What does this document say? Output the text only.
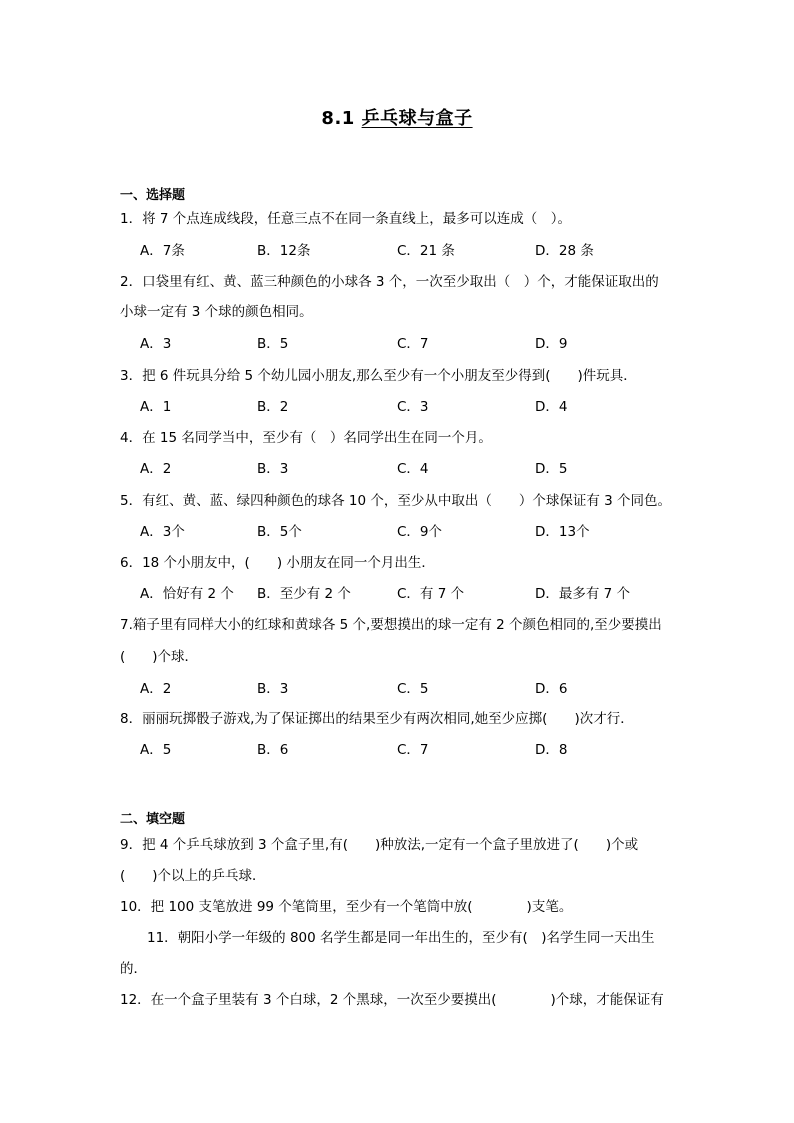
8.1 乒乓球与盒子
一、选择题
1．将 7 个点连成线段，任意三点不在同一条直线上，最多可以连成（　）。
A．7条	B．12条	C．21 条	D．28 条
2．口袋里有红、黄、蓝三种颜色的小球各 3 个，一次至少取出（　）个，才能保证取出的
小球一定有 3 个球的颜色相同。
A．3	B．5	C．7	D．9
3．把 6 件玩具分给 5 个幼儿园小朋友,那么至少有一个小朋友至少得到(　　)件玩具．
A．1	B．2	C．3	D．4
4．在 15 名同学当中，至少有（　）名同学出生在同一个月。
A．2	B．3	C．4	D．5
5．有红、黄、蓝、绿四种颜色的球各 10 个，至少从中取出（　　）个球保证有 3 个同色。
A．3个	B．5个	C．9个	D．13个
6．18 个小朋友中，(　　) 小朋友在同一个月出生．
A．恰好有 2 个 B．至少有 2 个	C．有 7 个	D．最多有 7 个
7.箱子里有同样大小的红球和黄球各 5 个,要想摸出的球一定有 2 个颜色相同的,至少要摸出
(　　)个球．
A．2	B．3	C．5	D．6
8．丽丽玩掷骰子游戏,为了保证掷出的结果至少有两次相同,她至少应掷(　　)次才行．
A．5	B．6	C．7	D．8
二、填空题
9．把 4 个乒乓球放到 3 个盒子里,有(　　)种放法,一定有一个盒子里放进了(　　)个或
(　　)个以上的乒乓球．
10．把 100 支笔放进 99 个笔筒里，至少有一个笔筒中放(　　　　)支笔。
11．朝阳小学一年级的 800 名学生都是同一年出生的，至少有(　)名学生同一天出生
的．
12．在一个盒子里装有 3 个白球，2 个黑球，一次至少要摸出(　　　　)个球，才能保证有
